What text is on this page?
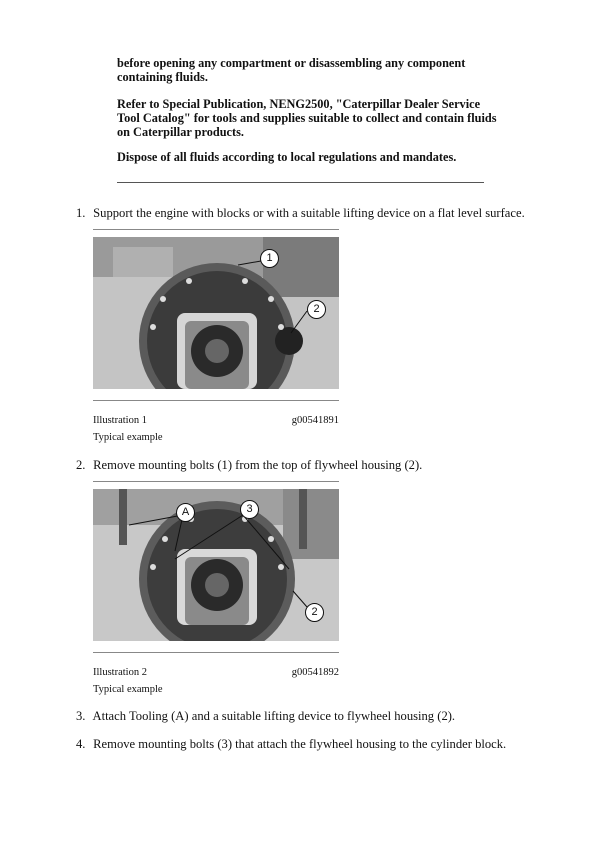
before opening any compartment or disassembling any component containing fluids.

Refer to Special Publication, NENG2500, "Caterpillar Dealer Service Tool Catalog" for tools and supplies suitable to collect and contain fluids on Caterpillar products.

Dispose of all fluids according to local regulations and mandates.

1. Support the engine with blocks or with a suitable lifting device on a flat level surface.
1
2
Illustration 1	g00541891
Typical example
2. Remove mounting bolts (1) from the top of flywheel housing (2).
A	3
2
Illustration 2	g00541892
Typical example
3. Attach Tooling (A) and a suitable lifting device to flywheel housing (2).
4. Remove mounting bolts (3) that attach the flywheel housing to the cylinder block.
